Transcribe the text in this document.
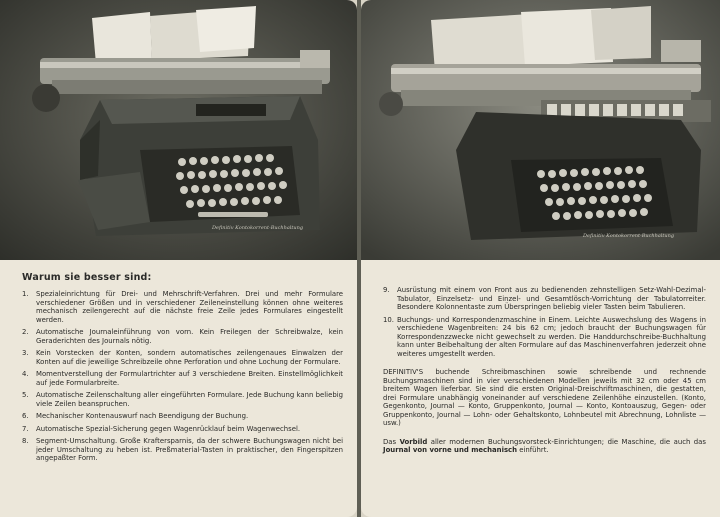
Definitiv Kontokorrent-Buchhaltung
Warum sie besser sind:
1.	Spezialeinrichtung für Drei- und Mehrschrift-Verfahren. Drei und mehr Formulare verschiedener Größen und in verschiedener Zeileneinstellung können ohne weiteres mechanisch zeilengerecht auf die nächste freie Zeile jedes Formulares eingestellt werden.
2.	Automatische Journaleinführung von vorn. Kein Freilegen der Schreibwalze, kein Geraderichten des Journals nötig.
3.	Kein Vorstecken der Konten, sondern automatisches zeilengenaues Einwalzen der Konten auf die jeweilige Schreibzeile ohne Perforation und ohne Lochung der Formulare.
4.	Momentverstellung der Formulartrichter auf 3 verschiedene Breiten. Einstellmöglichkeit auf jede Formularbreite.
5.	Automatische Zeilenschaltung aller eingeführten Formulare. Jede Buchung kann beliebig viele Zeilen beanspruchen.
6.	Mechanischer Kontenauswurf nach Beendigung der Buchung.
7.	Automatische Spezial-Sicherung gegen Wagenrücklauf beim Wagenwechsel.
8.	Segment-Umschaltung. Große Kraftersparnis, da der schwere Buchungswagen nicht bei jeder Umschaltung zu heben ist. Preßmaterial-Tasten in praktischer, den Fingerspitzen angepaßter Form.
Definitiv Kontokorrent-Buchhaltung
9.	Ausrüstung mit einem von Front aus zu bedienenden zehnstelligen Setz-Wahl-Dezimal-Tabulator, Einzelsetz- und Einzel- und Gesamtlösch-Vorrichtung der Tabulatorreiter. Besondere Kolonnentaste zum Überspringen beliebig vieler Tasten beim Tabulieren.
10. Buchungs- und Korrespondenzmaschine in Einem. Leichte Auswechslung des Wagens in verschiedene Wagenbreiten: 24 bis 62 cm; jedoch braucht der Buchungswagen für Korrespondenzzwecke nicht gewechselt zu werden. Die Handdurchschreibe-Buchhaltung kann unter Beibehaltung der alten Formulare auf das Maschinenverfahren jederzeit ohne weiteres umgestellt werden.

DEFINITIV'S buchende Schreibmaschinen sowie schreibende und rechnende Buchungsmaschinen sind in vier verschiedenen Modellen jeweils mit 32 cm oder 45 cm breitem Wagen lieferbar. Sie sind die ersten Original-Dreischriftmaschinen, die gestatten, drei Formulare unabhängig voneinander auf verschiedene Zeilenhöhe einzustellen. (Konto, Gegenkonto, Journal — Konto, Gruppenkonto, Journal — Konto, Kontoauszug, Gegen- oder Gruppenkonto, Journal — Lohn- oder Gehaltskonto, Lohnbeutel mit Abrechnung, Lohnliste — usw.)

Das Vorbild aller modernen Buchungsvorsteck-Einrichtungen; die Maschine, die auch das Journal von vorne und mechanisch einführt.
